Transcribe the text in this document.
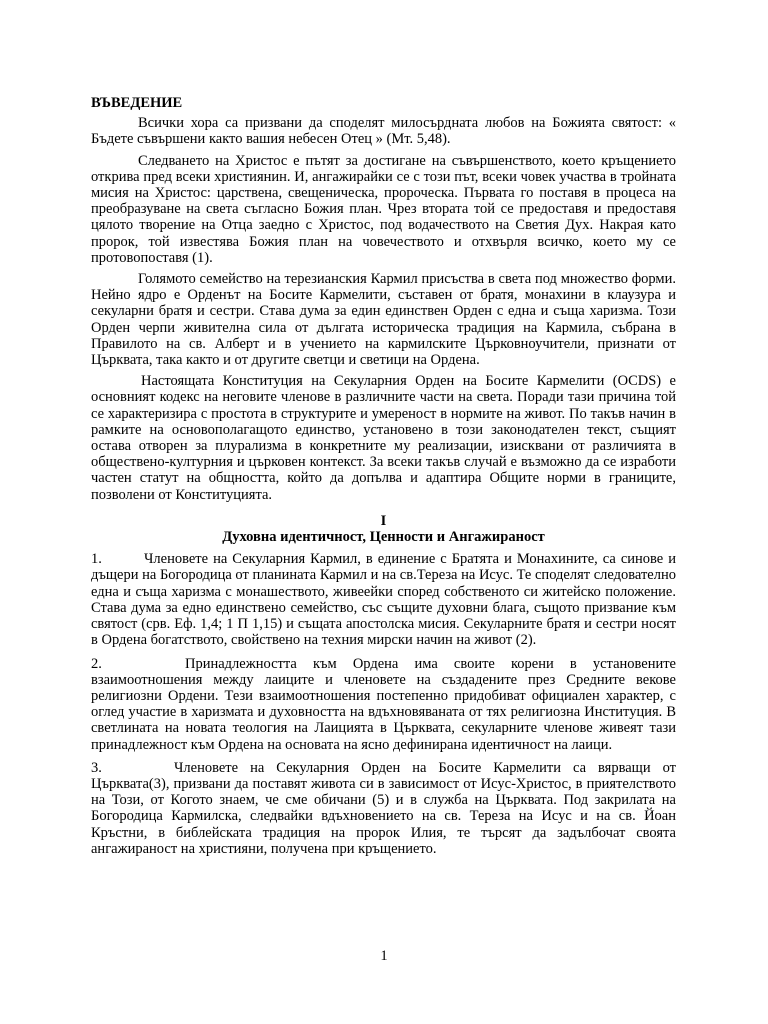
ВЪВЕДЕНИЕ

Всички хора са призвани да споделят милосърдната любов на Божията святост: « Бъдете съвършени както вашия небесен Отец » (Мт. 5,48).

Следването на Христос е пътят за достигане на съвършенството, което кръщението открива пред всеки християнин. И, ангажирайки се с този път, всеки човек участва в тройната мисия на Христос: царствена, свещеническа, пророческа. Първата го поставя в процеса на преобразуване на света съгласно Божия план. Чрез втората той се предоставя и предоставя цялото творение на Отца заедно с Христос, под водачеството на Светия Дух. Накрая като пророк, той известява Божия план на човечеството и отхвърля всичко, което му се протовопоставя (1).

Голямото семейство на терезианския Кармил присъства в света под множество форми. Нейно ядро е Орденът на Босите Кармелити, съставен от братя, монахини в клаузура и секуларни братя и сестри. Става дума за един единствен Орден с една и съща харизма. Този Орден черпи живителна сила от дългата историческа традиция на Кармила, събрана в Правилото на св. Алберт и в учението на кармилските Църковноучители, признати от Църквата, така както и от другите светци и светици на Ордена.

Настоящата Конституция на Секуларния Орден на Босите Кармелити (OCDS) е основният кодекс на неговите членове в различните части на света. Поради тази причина той се характеризира с простота в структурите и умереност в нормите на живот. По такъв начин в рамките на основополагащото единство, установено в този законодателен текст, същият остава отворен за плурализма в конкретните му реализации, изисквани от различията в обществено-културния и църковен контекст. За всеки такъв случай е възможно да се изработи частен статут на общността, който да допълва и адаптира Общите норми в границите, позволени от Конституцията.

I
Духовна идентичност, Ценности и Ангажираност

1.	Членовете на Секуларния Кармил, в единение с Братята и Монахините, са синове и дъщери на Богородица от планината Кармил и на св.Тереза на Исус. Те споделят следователно една и съща харизма с монашеството, живеейки според собственото си житейско положение. Става дума за едно единствено семейство, със същите духовни блага, същото призвание към святост (срв. Еф. 1,4; 1 П 1,15) и същата апостолска мисия. Секуларните братя и сестри носят в Ордена богатството, свойствено на техния мирски начин на живот (2).

2.	Принадлежността към Ордена има своите корени в установените взаимоотношения между лаиците и членовете на създадените през Средните векове религиозни Ордени. Тези взаимоотношения постепенно придобиват официален характер, с оглед участие в харизмата и духовността на вдъхновяваната от тях религиозна Институция. В светлината на новата теология на Лаицията в Църквата, секуларните членове живеят тази принадлежност към Ордена на основата на ясно дефинирана идентичност на лаици.

3.	Членовете на Секуларния Орден на Босите Кармелити са вярващи от Църквата(3), призвани да поставят живота си в зависимост от Исус-Христос, в приятелството на Този, от Когото знаем, че сме обичани (5) и в служба на Църквата. Под закрилата на Богородица Кармилска, следвайки вдъхновението на св. Тереза на Исус и на св. Йоан Кръстни, в библейската традиция на пророк Илия, те търсят да задълбочат своята ангажираност на християни, получена при кръщението.

1
